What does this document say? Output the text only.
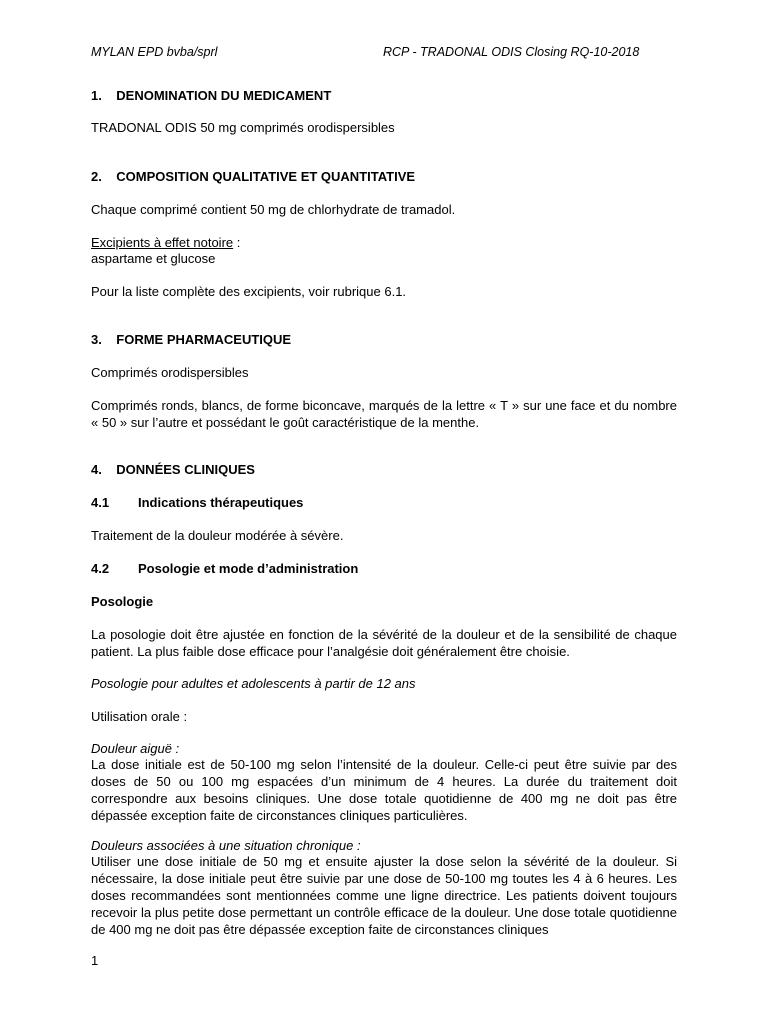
MYLAN EPD bvba/sprl	RCP - TRADONAL ODIS Closing RQ-10-2018
1.    DENOMINATION DU MEDICAMENT
TRADONAL ODIS 50 mg comprimés orodispersibles
2.    COMPOSITION QUALITATIVE ET QUANTITATIVE
Chaque comprimé contient 50 mg de chlorhydrate de tramadol.
Excipients à effet notoire :
aspartame et glucose
Pour la liste complète des excipients, voir rubrique 6.1.
3.    FORME PHARMACEUTIQUE
Comprimés orodispersibles

Comprimés ronds, blancs, de forme biconcave, marqués de la lettre « T » sur une face et du nombre « 50 » sur l’autre et possédant le goût caractéristique de la menthe.

4.    DONNÉES CLINIQUES
4.1 Indications thérapeutiques
Traitement de la douleur modérée à sévère.
4.2 Posologie et mode d’administration
Posologie

La posologie doit être ajustée en fonction de la sévérité de la douleur et de la sensibilité de chaque patient. La plus faible dose efficace pour l’analgésie doit généralement être choisie.

Posologie pour adultes et adolescents à partir de 12 ans
Utilisation orale :
Douleur aiguë :

La dose initiale est de 50-100 mg selon l’intensité de la douleur. Celle-ci peut être suivie par des doses de 50 ou 100 mg espacées d’un minimum de 4 heures. La durée du traitement doit correspondre aux besoins cliniques. Une dose totale quotidienne de 400 mg ne doit pas être dépassée exception faite de circonstances cliniques particulières.

Douleurs associées à une situation chronique :

Utiliser une dose initiale de 50 mg et ensuite ajuster la dose selon la sévérité de la douleur. Si nécessaire, la dose initiale peut être suivie par une dose de 50-100 mg toutes les 4 à 6 heures. Les doses recommandées sont mentionnées comme une ligne directrice. Les patients doivent toujours recevoir la plus petite dose permettant un contrôle efficace de la douleur. Une dose totale quotidienne de 400 mg ne doit pas être dépassée exception faite de circonstances cliniques

1
